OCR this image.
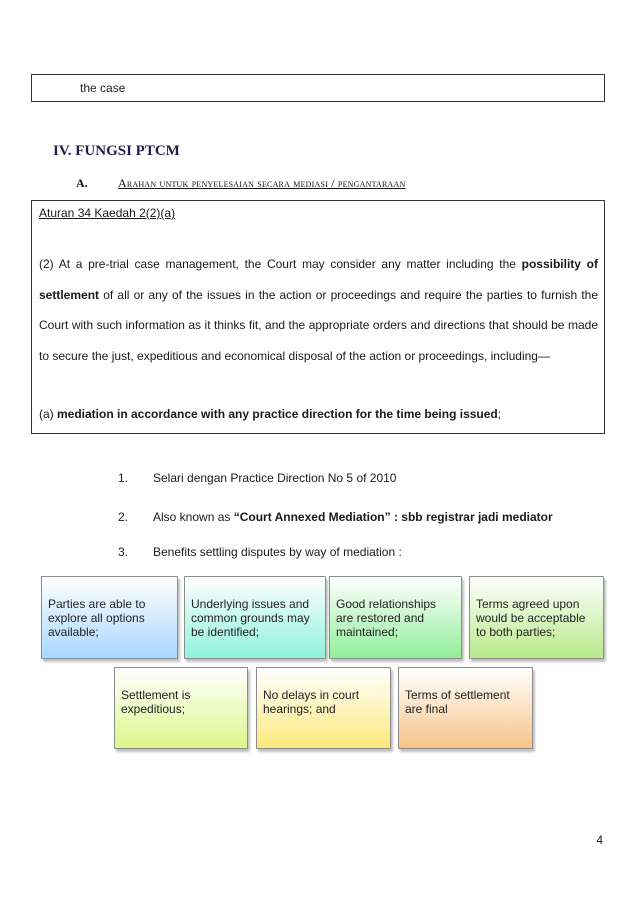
the case
IV. FUNGSI PTCM
A.	Arahan untuk penyelesaian secara mediasi / pengantaraan
Aturan 34 Kaedah 2(2)(a)
(2) At a pre-trial case management, the Court may consider any matter including the possibility of settlement of all or any of the issues in the action or proceedings and require the parties to furnish the Court with such information as it thinks fit, and the appropriate orders and directions that should be made to secure the just, expeditious and economical disposal of the action or proceedings, including—
(a) mediation in accordance with any practice direction for the time being issued;
1. Selari dengan Practice Direction No 5 of 2010
2. Also known as “Court Annexed Mediation” : sbb registrar jadi mediator
3. Benefits settling disputes by way of mediation :
Parties are able to explore all options available;
Underlying issues and common grounds may be identified;
Good relationships are restored and maintained;
Terms agreed upon would be acceptable to both parties;
Settlement is expeditious;
No delays in court hearings; and
Terms of settlement are final
4
